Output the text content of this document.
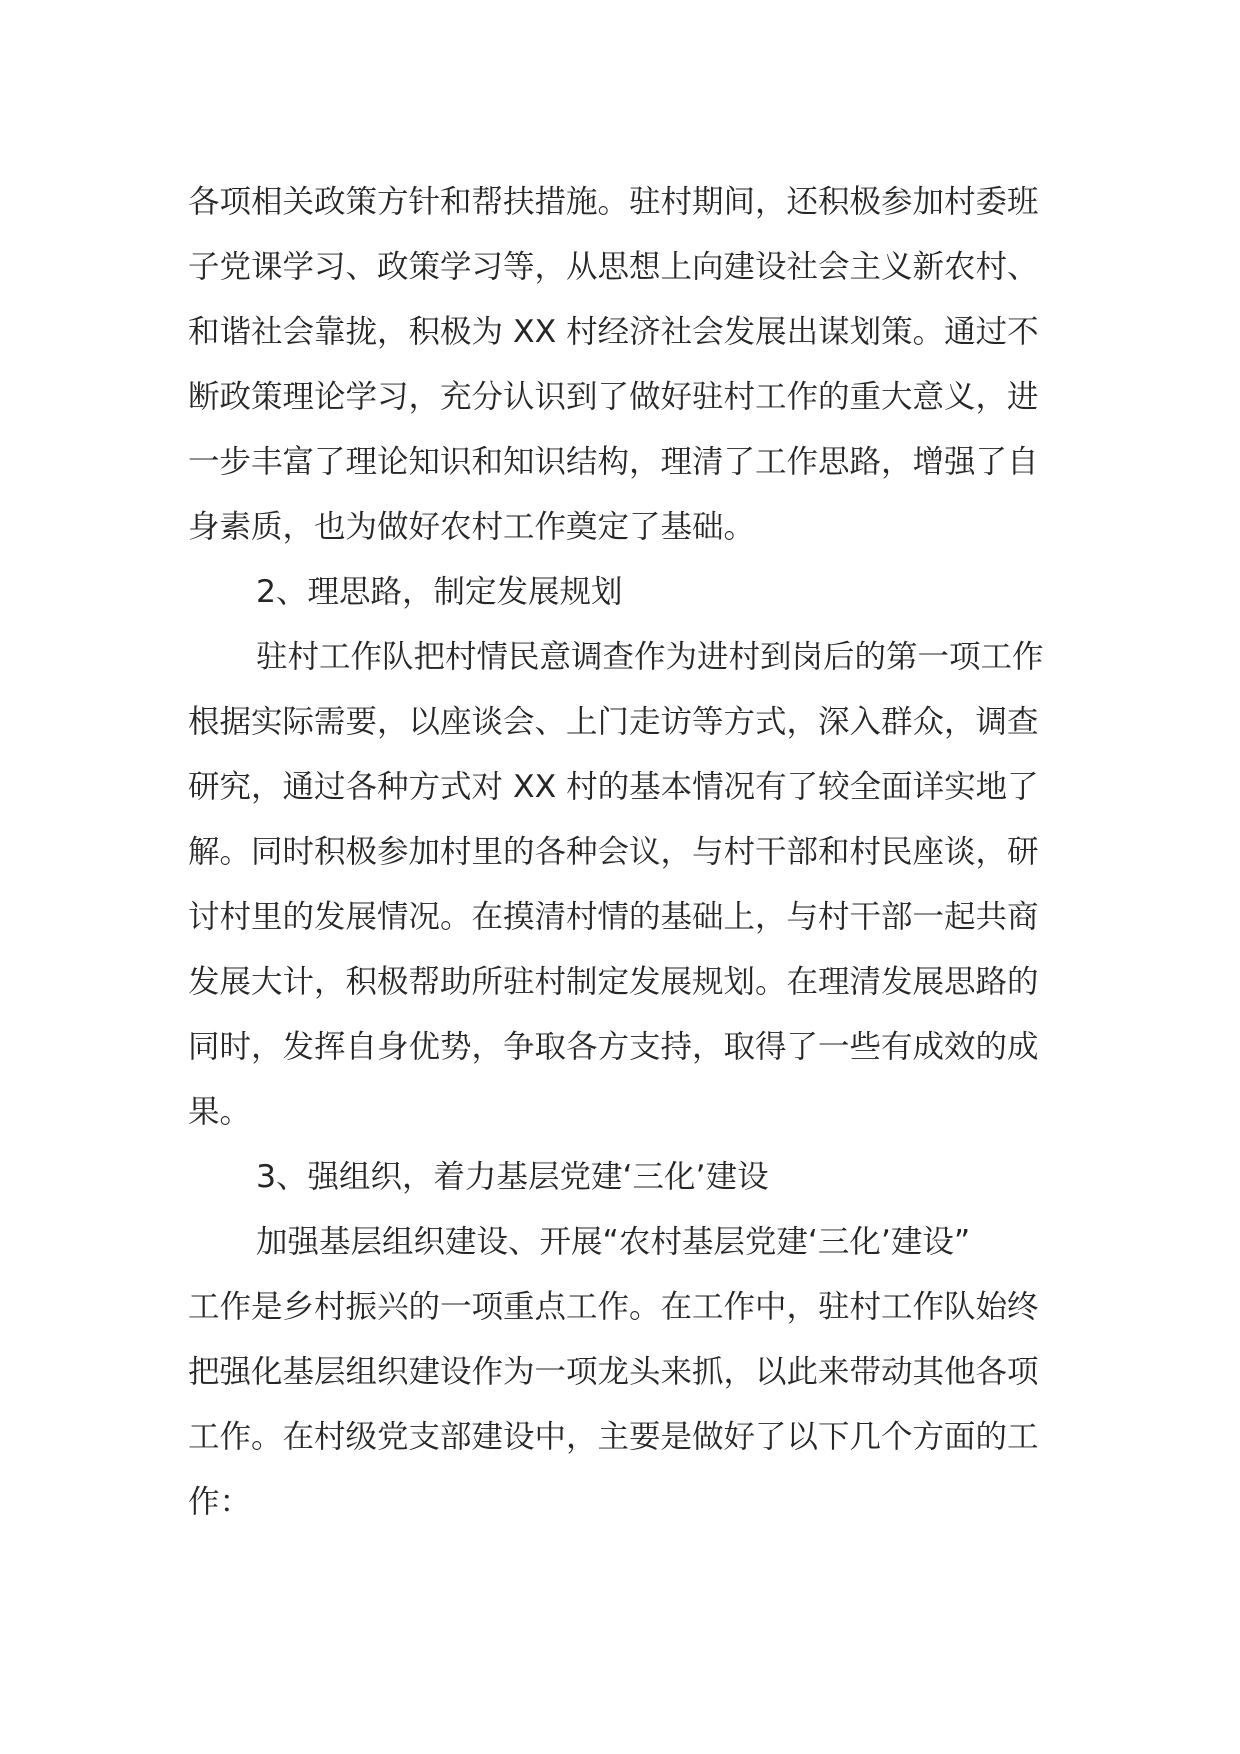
各项相关政策方针和帮扶措施。驻村期间，还积极参加村委班
子党课学习、政策学习等，从思想上向建设社会主义新农村、
和谐社会靠拢，积极为 XX 村经济社会发展出谋划策。通过不
断政策理论学习，充分认识到了做好驻村工作的重大意义，进
一步丰富了理论知识和知识结构，理清了工作思路，增强了自
身素质，也为做好农村工作奠定了基础。
2、理思路，制定发展规划
驻村工作队把村情民意调查作为进村到岗后的第一项工作
根据实际需要，以座谈会、上门走访等方式，深入群众，调查
研究，通过各种方式对 XX 村的基本情况有了较全面详实地了
解。同时积极参加村里的各种会议，与村干部和村民座谈，研
讨村里的发展情况。在摸清村情的基础上，与村干部一起共商
发展大计，积极帮助所驻村制定发展规划。在理清发展思路的
同时，发挥自身优势，争取各方支持，取得了一些有成效的成
果。
3、强组织，着力基层党建‘三化’建设
加强基层组织建设、开展“农村基层党建‘三化’建设”
工作是乡村振兴的一项重点工作。在工作中，驻村工作队始终
把强化基层组织建设作为一项龙头来抓，以此来带动其他各项
工作。在村级党支部建设中，主要是做好了以下几个方面的工
作：
